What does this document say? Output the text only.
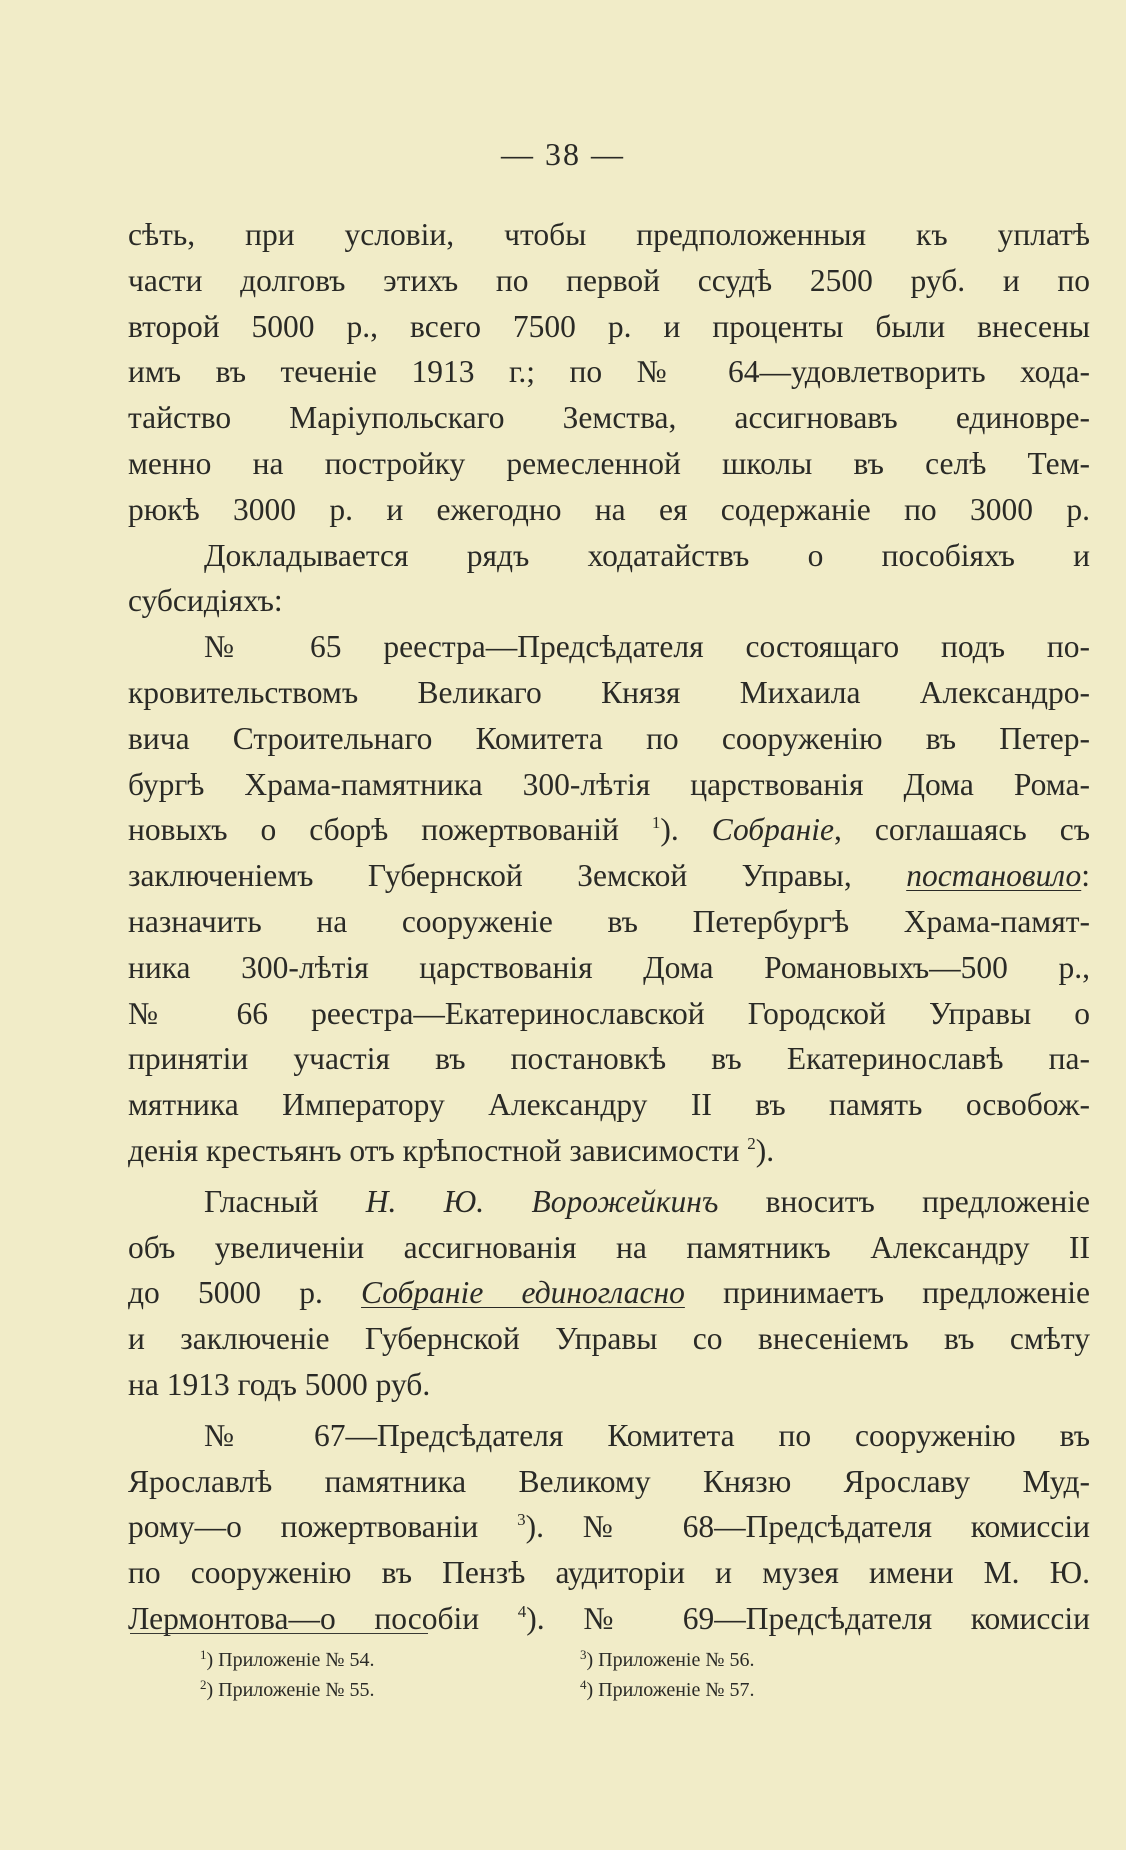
— 38 —
сѣть, при условіи, чтобы предположенныя къ уплатѣ
части долговъ этихъ по первой ссудѣ 2500 руб. и по
второй 5000 р., всего 7500 р. и проценты были внесены
имъ въ теченіе 1913 г.; по № 64—удовлетворить хода-
тайство Маріупольскаго Земства, ассигновавъ единовре-
менно на постройку ремесленной школы въ селѣ Тем-
рюкѣ 3000 р. и ежегодно на ея содержаніе по 3000 р.
Докладывается рядъ ходатайствъ о пособіяхъ и
субсидіяхъ:
№ 65 реестра—Предсѣдателя состоящаго подъ по-
кровительствомъ Великаго Князя Михаила Александро-
вича Строительнаго Комитета по сооруженію въ Петер-
бургѣ Храма-памятника 300-лѣтія царствованія Дома Рома-
новыхъ о сборѣ пожертвованій $^1$). Собраніе, соглашаясь съ
заключеніемъ Губернской Земской Управы, постановило:
назначить на сооруженіе въ Петербургѣ Храма-памят-
ника 300-лѣтія царствованія Дома Романовыхъ—500 р.,
№ 66 реестра—Екатеринославской Городской Управы о
принятіи участія въ постановкѣ въ Екатеринославѣ па-
мятника Императору Александру II въ память освобож-
денія крестьянъ отъ крѣпостной зависимости $^2$).
Гласный Н. Ю. Ворожейкинъ вноситъ предложеніе
объ увеличеніи ассигнованія на памятникъ Александру II
до 5000 р. Собраніе единогласно принимаетъ предложеніе
и заключеніе Губернской Управы со внесеніемъ въ смѣту
на 1913 годъ 5000 руб.
№ 67—Предсѣдателя Комитета по сооруженію въ
Ярославлѣ памятника Великому Князю Ярославу Муд-
рому—о пожертвованіи $^3$). № 68—Предсѣдателя комиссіи
по сооруженію въ Пензѣ аудиторіи и музея имени М. Ю.
Лермонтова—о пособіи $^4$). № 69—Предсѣдателя комиссіи
$^1$) Приложеніе № 54.	$^3$) Приложеніе № 56.
$^2$) Приложеніе № 55.	$^4$) Приложеніе № 57.
